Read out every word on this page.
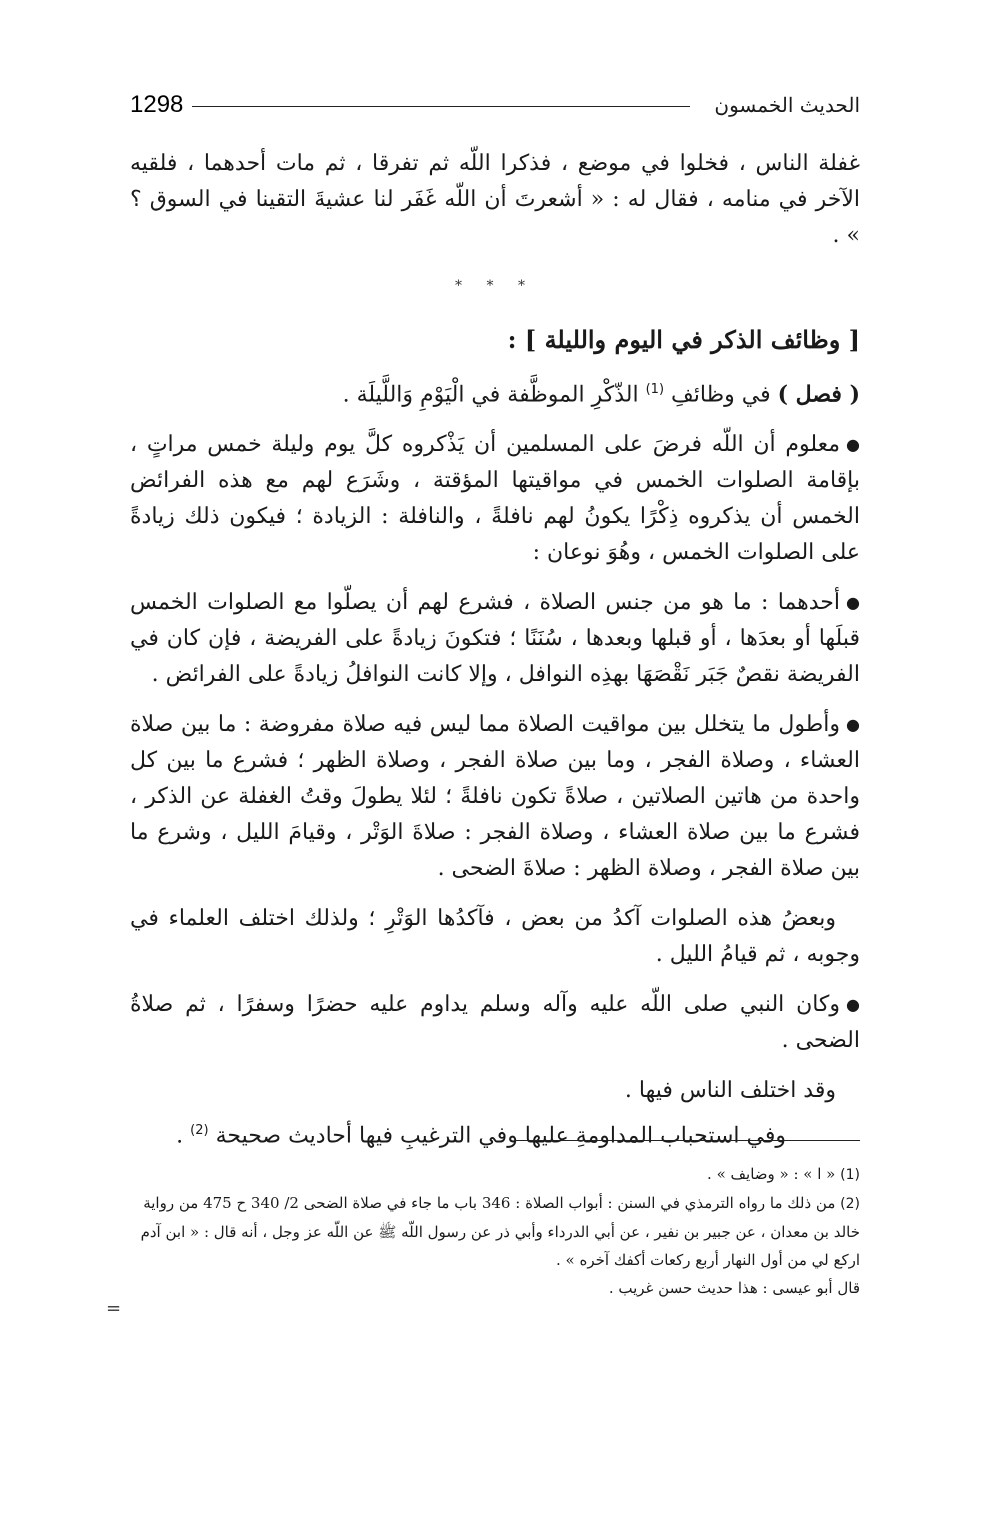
1298	الحديث الخمسون

غفلة الناس ، فخلوا في موضع ، فذكرا اللّه ثم تفرقا ، ثم مات أحدهما ، فلقيه الآخر في منامه ، فقال له : « أشعرتَ أن اللّه غَفَر لنا عشيةَ التقينا في السوق ؟ » .

* * *

[ وظائف الذكر في اليوم والليلة ] :

( فصل ) في وظائفِ $^{(1)}$ الذّكْرِ الموظَّفة في الْيَوْمِ وَاللَّيلَة .

●معلوم أن اللّه فرضَ على المسلمين أن يَذْكروه كلَّ يوم وليلة خمس مراتٍ ، بإقامة الصلوات الخمس في مواقيتها المؤقتة ، وشَرَع لهم مع هذه الفرائض الخمس أن يذكروه ذِكْرًا يكونُ لهم نافلةً ، والنافلة : الزيادة ؛ فيكون ذلك زيادةً على الصلوات الخمس ، وهُوَ نوعان :

●أحدهما : ما هو من جنس الصلاة ، فشرع لهم أن يصلّوا مع الصلوات الخمس قبلَها أو بعدَها ، أو قبلها وبعدها ، سُنَنًا ؛ فتكونَ زيادةً على الفريضة ، فإن كان في الفريضة نقصٌ جَبَر نَقْصَهَا بهذِه النوافل ، وإلا كانت النوافلُ زيادةً على الفرائض .

●وأطول ما يتخلل بين مواقيت الصلاة مما ليس فيه صلاة مفروضة : ما بين صلاة العشاء ، وصلاة الفجر ، وما بين صلاة الفجر ، وصلاة الظهر ؛ فشرع ما بين كل واحدة من هاتين الصلاتين ، صلاةً تكون نافلةً ؛ لئلا يطولَ وقتُ الغفلة عن الذكر ، فشرع ما بين صلاة العشاء ، وصلاة الفجر : صلاةَ الوَتْر ، وقيامَ الليل ، وشرع ما بين صلاة الفجر ، وصلاة الظهر : صلاةَ الضحى .

وبعضُ هذه الصلوات آكدُ من بعض ، فآكدُها الوَتْرِ ؛ ولذلك اختلف العلماء في وجوبه ، ثم قيامُ الليل .

●وكان النبي صلى اللّه عليه وآله وسلم يداوم عليه حضرًا وسفرًا ، ثم صلاةُ الضحى .

وقد اختلف الناس فيها .

وفي استحباب المداومةِ عليها وفي الترغيبِ فيها أحاديث صحيحة $^{(2)}$ .

(1) « ا » : « وضايف » .

(2) من ذلك ما رواه الترمذي في السنن : أبواب الصلاة : 346 باب ما جاء في صلاة الضحى 2/ 340 ح 475 من رواية خالد بن معدان ، عن جبير بن نفير ، عن أبي الدرداء وأبي ذر عن رسول اللّه ﷺ عن اللّه عز وجل ، أنه قال : « ابن آدم اركع لي من أول النهار أربع ركعات أكفك آخره » .

قال أبو عيسى : هذا حديث حسن غريب .

=
